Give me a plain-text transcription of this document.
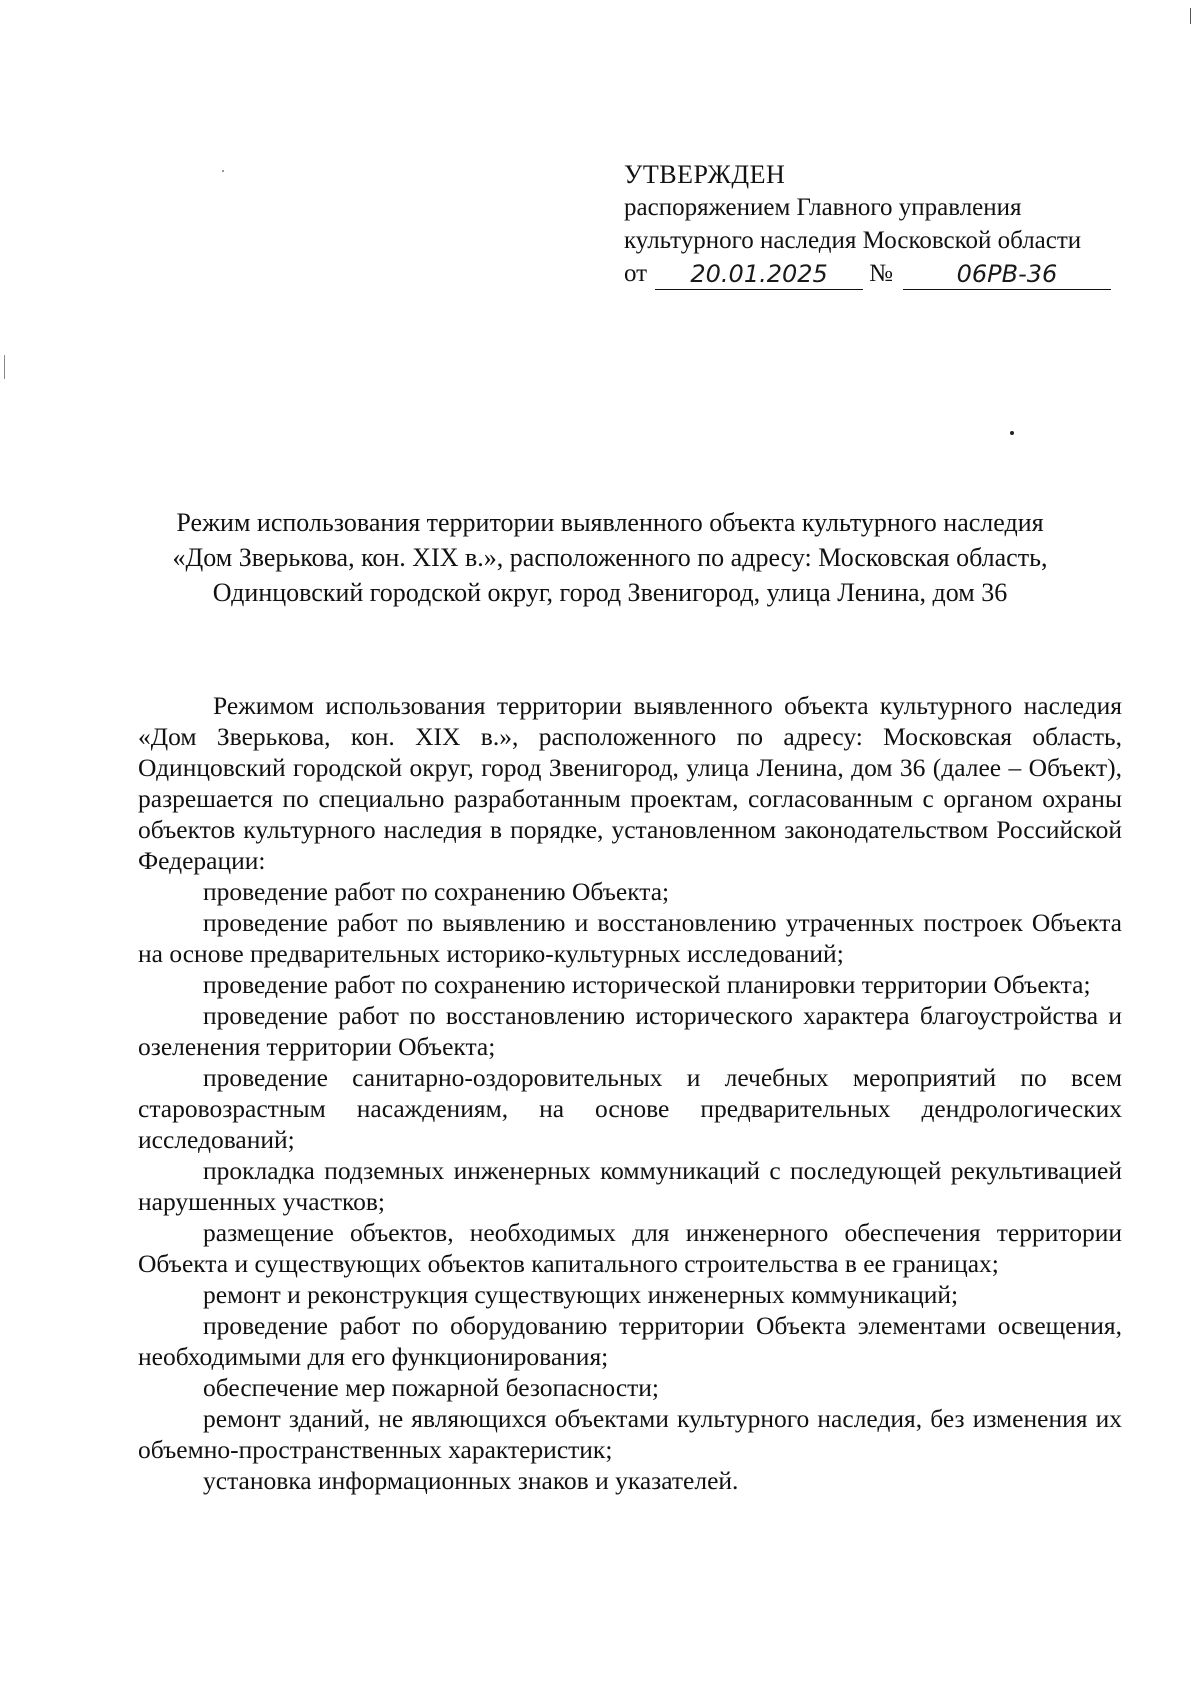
УТВЕРЖДЕН
распоряжением Главного управления
культурного наследия Московской области
от	20.01.2025	№	06РВ-36
Режим использования территории выявленного объекта культурного наследия
«Дом Зверькова, кон. XIX в.», расположенного по адресу: Московская область,
Одинцовский городской округ, город Звенигород, улица Ленина, дом 36

Режимом использования территории выявленного объекта культурного наследия «Дом Зверькова, кон. XIX в.», расположенного по адресу: Московская область, Одинцовский городской округ, город Звенигород, улица Ленина, дом 36 (далее – Объект), разрешается по специально разработанным проектам, согласованным с органом охраны объектов культурного наследия в порядке, установленном законодательством Российской Федерации:

проведение работ по сохранению Объекта;

проведение работ по выявлению и восстановлению утраченных построек Объекта на основе предварительных историко-культурных исследований;

проведение работ по сохранению исторической планировки территории Объекта;

проведение работ по восстановлению исторического характера благоустройства и озеленения территории Объекта;

проведение санитарно-оздоровительных и лечебных мероприятий по всем старовозрастным насаждениям, на основе предварительных дендрологических исследований;

прокладка подземных инженерных коммуникаций с последующей рекультивацией нарушенных участков;

размещение объектов, необходимых для инженерного обеспечения территории Объекта и существующих объектов капитального строительства в ее границах;

ремонт и реконструкция существующих инженерных коммуникаций;

проведение работ по оборудованию территории Объекта элементами освещения, необходимыми для его функционирования;

обеспечение мер пожарной безопасности;

ремонт зданий, не являющихся объектами культурного наследия, без изменения их объемно-пространственных характеристик;

установка информационных знаков и указателей.
